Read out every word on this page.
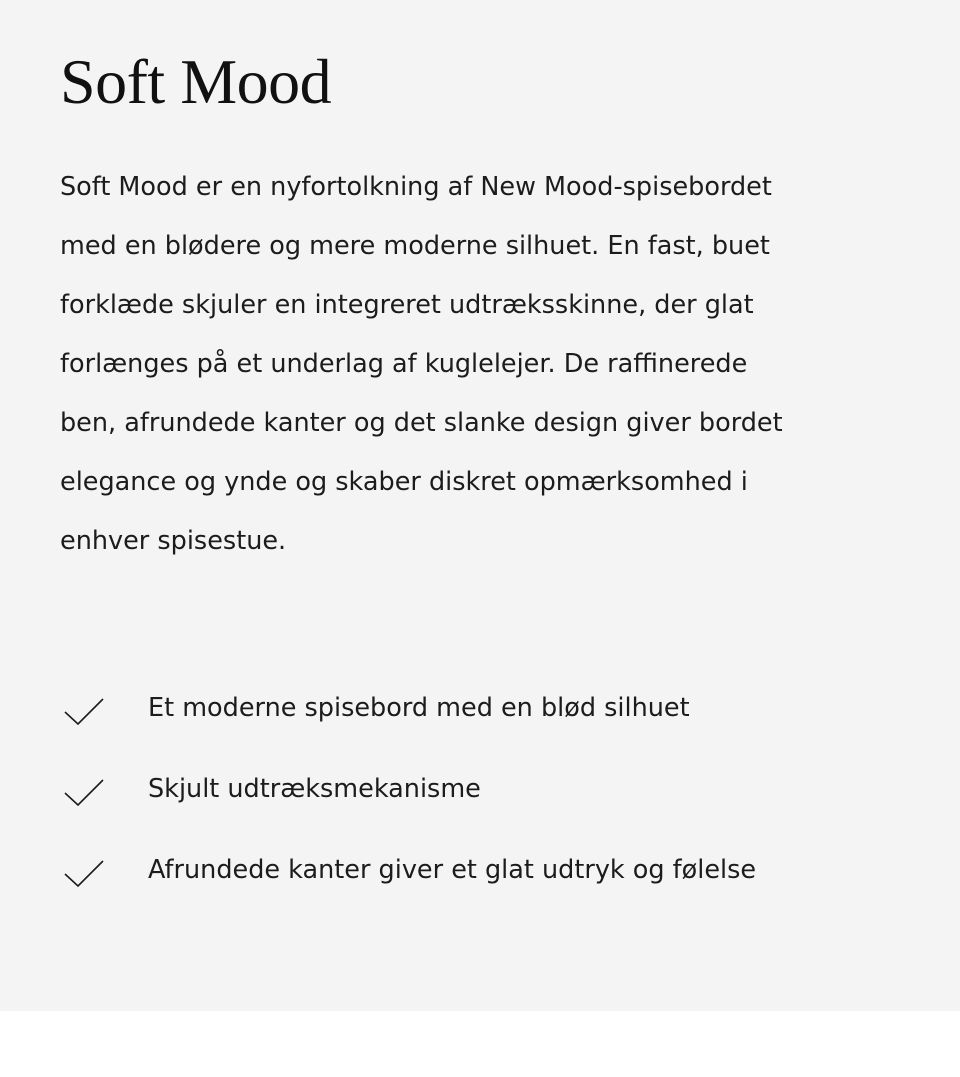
Soft Mood

Soft Mood er en nyfortolkning af New Mood-spisebordet
med en blødere og mere moderne silhuet. En fast, buet
forklæde skjuler en integreret udtræksskinne, der glat
forlænges på et underlag af kuglelejer. De raffinerede
ben, afrundede kanter og det slanke design giver bordet
elegance og ynde og skaber diskret opmærksomhed i
enhver spisestue.

Et moderne spisebord med en blød silhuet
Skjult udtræksmekanisme
Afrundede kanter giver et glat udtryk og følelse
